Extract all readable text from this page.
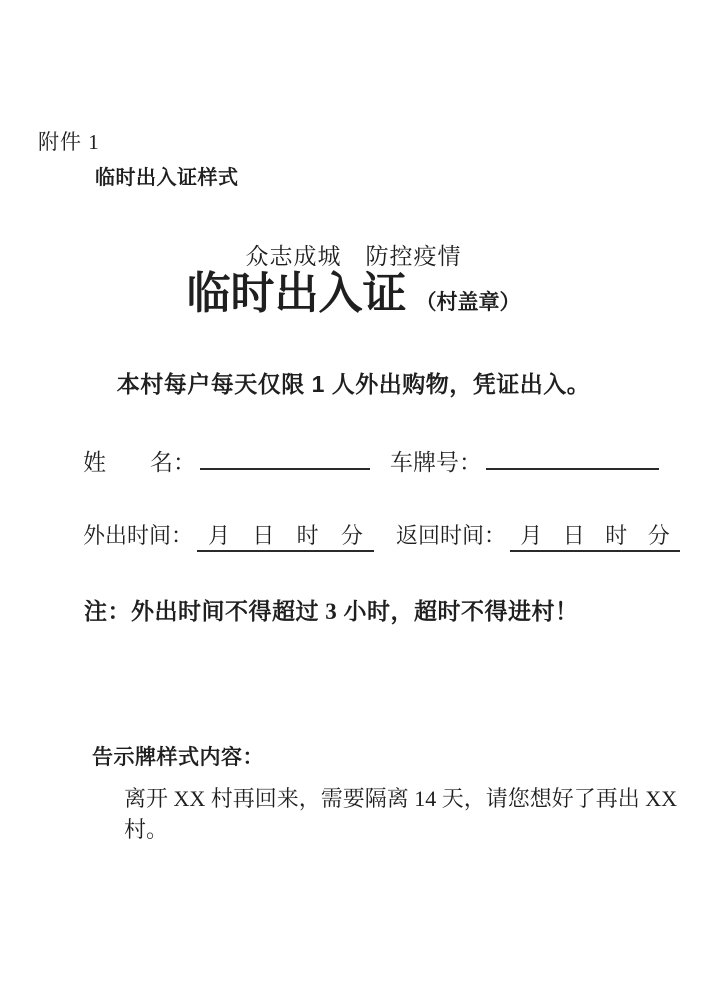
附件 1
临时出入证样式
众志成城　防控疫情
临时出入证 （村盖章）
本村每户每天仅限 1 人外出购物，凭证出入。
姓 名：	车牌号：
外出时间： 月 日 时 分 返回时间： 月 日 时 分
注：外出时间不得超过 3 小时，超时不得进村！
告示牌样式内容：
离开 XX 村再回来，需要隔离 14 天，请您想好了再出 XX 村。
